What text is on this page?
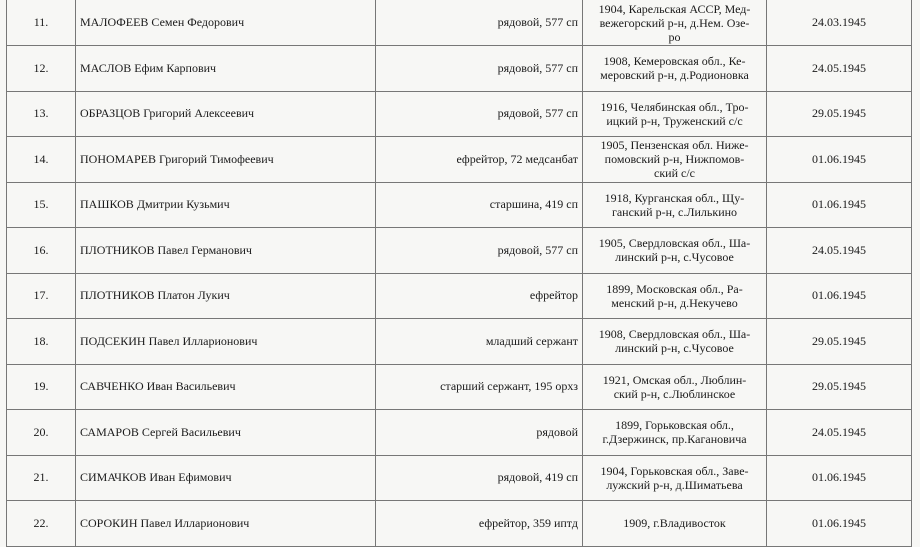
11.	МАЛОФЕЕВ Семен Федорович	рядовой, 577 сп	1904, Карельская АССР, Мед-
вежегорский р-н, д.Нем. Озе-
ро	24.03.1945
12.	МАСЛОВ Ефим Карпович	рядовой, 577 сп	1908, Кемеровская обл., Ке-
меровский р-н, д.Родионовка	24.05.1945
13.	ОБРАЗЦОВ Григорий Алексеевич	рядовой, 577 сп	1916, Челябинская обл., Тро-
ицкий р-н, Труженский с/с	29.05.1945
14.	ПОНОМАРЕВ Григорий Тимофеевич	ефрейтор, 72 медсанбат	1905, Пензенская обл. Ниже-
помовский р-н, Нижпомов-
ский с/с	01.06.1945
15.	ПАШКОВ Дмитрии Кузьмич	старшина, 419 сп	1918, Курганская обл., Щу-
ганский р-н, с.Лилькино	01.06.1945
16.	ПЛОТНИКОВ Павел Германович	рядовой, 577 сп	1905, Свердловская обл., Ша-
линский р-н, с.Чусовое	24.05.1945
17.	ПЛОТНИКОВ Платон Лукич	ефрейтор	1899, Московская обл., Ра-
менский р-н, д.Некучево	01.06.1945
18.	ПОДСЕКИН Павел Илларионович	младший сержант	1908, Свердловская обл., Ша-
линский р-н, с.Чусовое	29.05.1945
19.	САВЧЕНКО Иван Васильевич	старший сержант, 195 орхз	1921, Омская обл., Люблин-
ский р-н, с.Люблинское	29.05.1945
20.	САМАРОВ Сергей Васильевич	рядовой	1899, Горьковская обл.,
г.Дзержинск, пр.Кагановича	24.05.1945
21.	СИМАЧКОВ Иван Ефимович	рядовой, 419 сп	1904, Горьковская обл., Заве-
лужский р-н, д.Шиматьева	01.06.1945
22.	СОРОКИН Павел Илларионович	ефрейтор, 359 иптд	1909, г.Владивосток	01.06.1945
